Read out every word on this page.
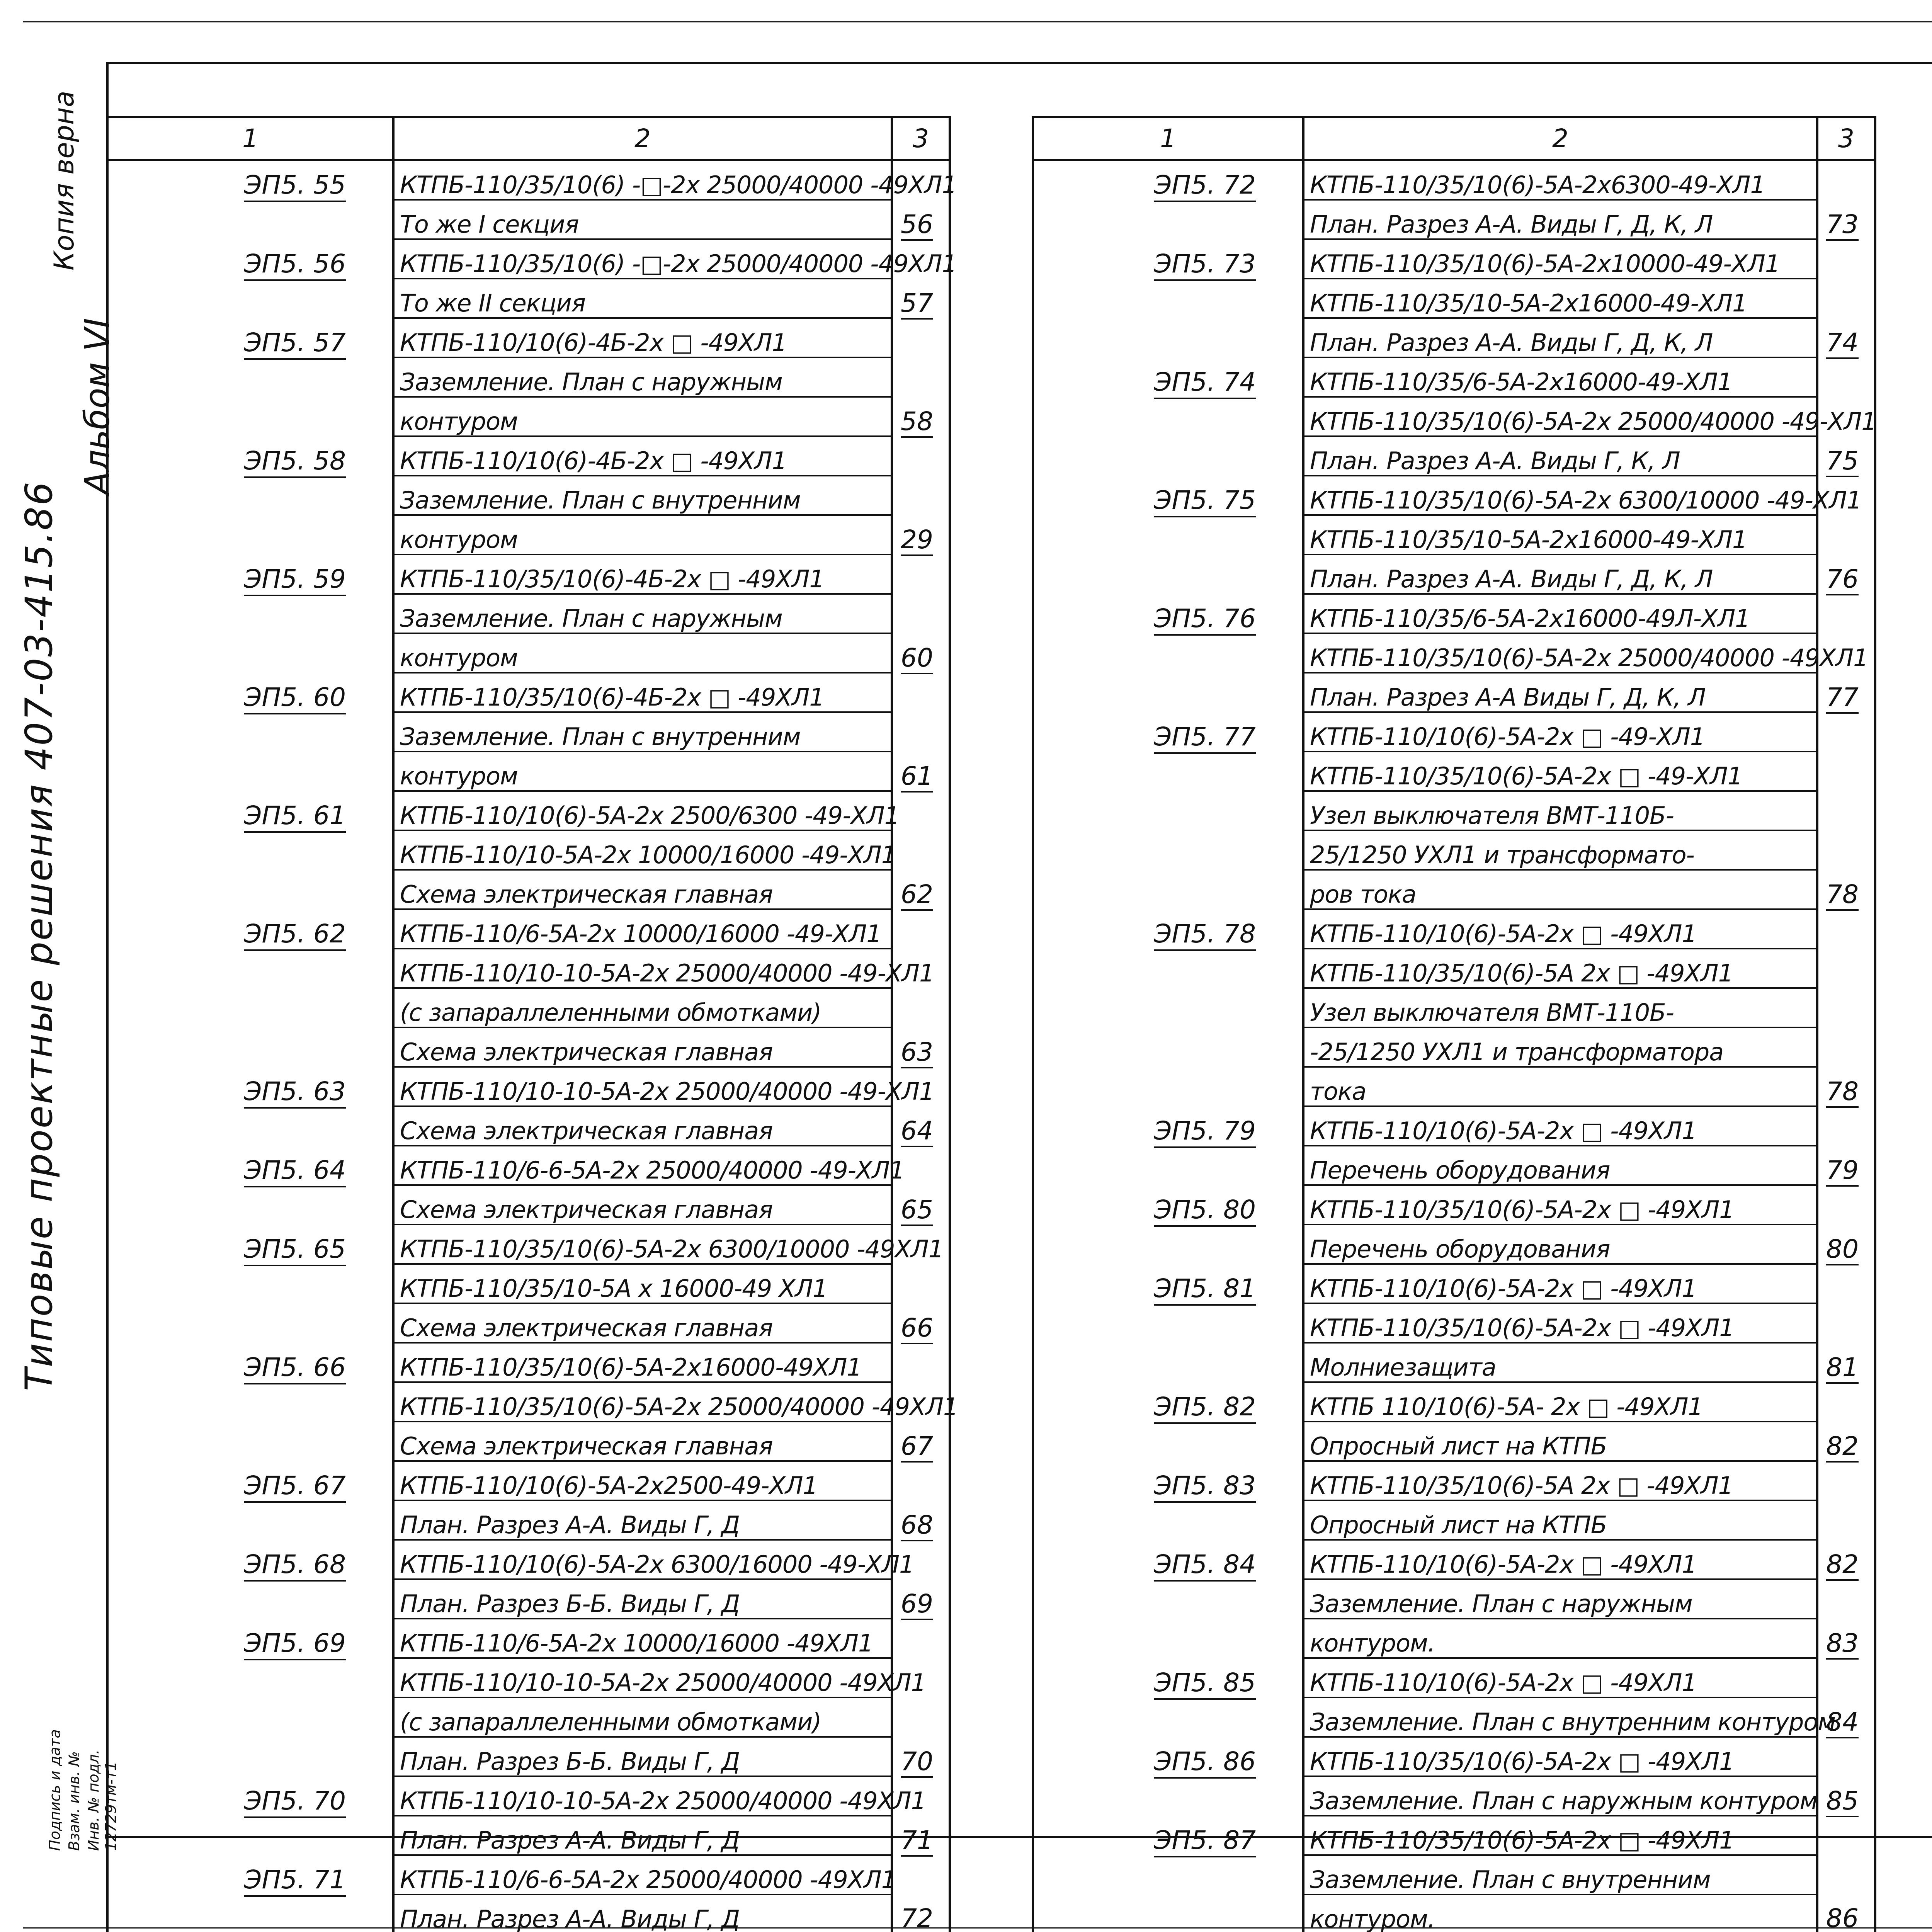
Типовые проектные решения 407-03-415.86
Альбом VI
Копия верна
Подпись и дата Взам. инв. № Инв. № подл. 12729тм-т1
1	2	3
ЭП5. 55	КТПБ-110/35/10(6) -□-2х 25000/40000 -49ХЛ1	
	То же I секция	56
ЭП5. 56	КТПБ-110/35/10(6) -□-2х 25000/40000 -49ХЛ1	
	То же II секция	57
ЭП5. 57	КТПБ-110/10(6)-4Б-2х □ -49ХЛ1	
	Заземление. План с наружным	
	контуром	58
ЭП5. 58	КТПБ-110/10(6)-4Б-2х □ -49ХЛ1	
	Заземление. План с внутренним	
	контуром	29
ЭП5. 59	КТПБ-110/35/10(6)-4Б-2х □ -49ХЛ1	
	Заземление. План с наружным	
	контуром	60
ЭП5. 60	КТПБ-110/35/10(6)-4Б-2х □ -49ХЛ1	
	Заземление. План с внутренним	
	контуром	61
ЭП5. 61	КТПБ-110/10(6)-5А-2х 2500/6300 -49-ХЛ1	
	КТПБ-110/10-5А-2х 10000/16000 -49-ХЛ1	
	Схема электрическая главная	62
ЭП5. 62	КТПБ-110/6-5А-2х 10000/16000 -49-ХЛ1	
	КТПБ-110/10-10-5А-2х 25000/40000 -49-ХЛ1	
	(с запараллеленными обмотками)	
	Схема электрическая главная	63
ЭП5. 63	КТПБ-110/10-10-5А-2х 25000/40000 -49-ХЛ1	
	Схема электрическая главная	64
ЭП5. 64	КТПБ-110/6-6-5А-2х 25000/40000 -49-ХЛ1	
	Схема электрическая главная	65
ЭП5. 65	КТПБ-110/35/10(6)-5А-2х 6300/10000 -49ХЛ1	
	КТПБ-110/35/10-5А х 16000-49 ХЛ1	
	Схема электрическая главная	66
ЭП5. 66	КТПБ-110/35/10(6)-5А-2х16000-49ХЛ1	
	КТПБ-110/35/10(6)-5А-2х 25000/40000 -49ХЛ1	
	Схема электрическая главная	67
ЭП5. 67	КТПБ-110/10(6)-5А-2х2500-49-ХЛ1	
	План. Разрез А-А. Виды Г, Д	68
ЭП5. 68	КТПБ-110/10(6)-5А-2х 6300/16000 -49-ХЛ1	
	План. Разрез Б-Б. Виды Г, Д	69
ЭП5. 69	КТПБ-110/6-5А-2х 10000/16000 -49ХЛ1	
	КТПБ-110/10-10-5А-2х 25000/40000 -49ХЛ1	
	(с запараллеленными обмотками)	
	План. Разрез Б-Б. Виды Г, Д	70
ЭП5. 70	КТПБ-110/10-10-5А-2х 25000/40000 -49ХЛ1	
	План. Разрез А-А. Виды Г, Д	71
ЭП5. 71	КТПБ-110/6-6-5А-2х 25000/40000 -49ХЛ1	
	План. Разрез А-А. Виды Г, Д	72
1	2	3
ЭП5. 72	КТПБ-110/35/10(6)-5А-2х6300-49-ХЛ1	
	План. Разрез А-А. Виды Г, Д, К, Л	73
ЭП5. 73	КТПБ-110/35/10(6)-5А-2х10000-49-ХЛ1	
	КТПБ-110/35/10-5А-2х16000-49-ХЛ1	
	План. Разрез А-А. Виды Г, Д, К, Л	74
ЭП5. 74	КТПБ-110/35/6-5А-2х16000-49-ХЛ1	
	КТПБ-110/35/10(6)-5А-2х 25000/40000 -49-ХЛ1	
	План. Разрез А-А. Виды Г, К, Л	75
ЭП5. 75	КТПБ-110/35/10(6)-5А-2х 6300/10000 -49-ХЛ1	
	КТПБ-110/35/10-5А-2х16000-49-ХЛ1	
	План. Разрез А-А. Виды Г, Д, К, Л	76
ЭП5. 76	КТПБ-110/35/6-5А-2х16000-49Л-ХЛ1	
	КТПБ-110/35/10(6)-5А-2х 25000/40000 -49ХЛ1	
	План. Разрез А-А Виды Г, Д, К, Л	77
ЭП5. 77	КТПБ-110/10(6)-5А-2х □ -49-ХЛ1	
	КТПБ-110/35/10(6)-5А-2х □ -49-ХЛ1	
	Узел выключателя ВМТ-110Б-	
	25/1250 УХЛ1 и трансформато-	
	ров тока	78
ЭП5. 78	КТПБ-110/10(6)-5А-2х □ -49ХЛ1	
	КТПБ-110/35/10(6)-5А 2х □ -49ХЛ1	
	Узел выключателя ВМТ-110Б-	
	-25/1250 УХЛ1 и трансформатора	
	тока	78
ЭП5. 79	КТПБ-110/10(6)-5А-2х □ -49ХЛ1	
	Перечень оборудования	79
ЭП5. 80	КТПБ-110/35/10(6)-5А-2х □ -49ХЛ1	
	Перечень оборудования	80
ЭП5. 81	КТПБ-110/10(6)-5А-2х □ -49ХЛ1	
	КТПБ-110/35/10(6)-5А-2х □ -49ХЛ1	
	Молниезащита	81
ЭП5. 82	КТПБ 110/10(6)-5А- 2х □ -49ХЛ1	
	Опросный лист на КТПБ	82
ЭП5. 83	КТПБ-110/35/10(6)-5А 2х □ -49ХЛ1	
	Опросный лист на КТПБ	
ЭП5. 84	КТПБ-110/10(6)-5А-2х □ -49ХЛ1	82
	Заземление. План с наружным	
	контуром.	83
ЭП5. 85	КТПБ-110/10(6)-5А-2х □ -49ХЛ1	
	Заземление. План с внутренним контуром	84
ЭП5. 86	КТПБ-110/35/10(6)-5А-2х □ -49ХЛ1	
	Заземление. План с наружным контуром	85
ЭП5. 87	КТПБ-110/35/10(6)-5А-2х □ -49ХЛ1	
	Заземление. План с внутренним	
	контуром.	86
